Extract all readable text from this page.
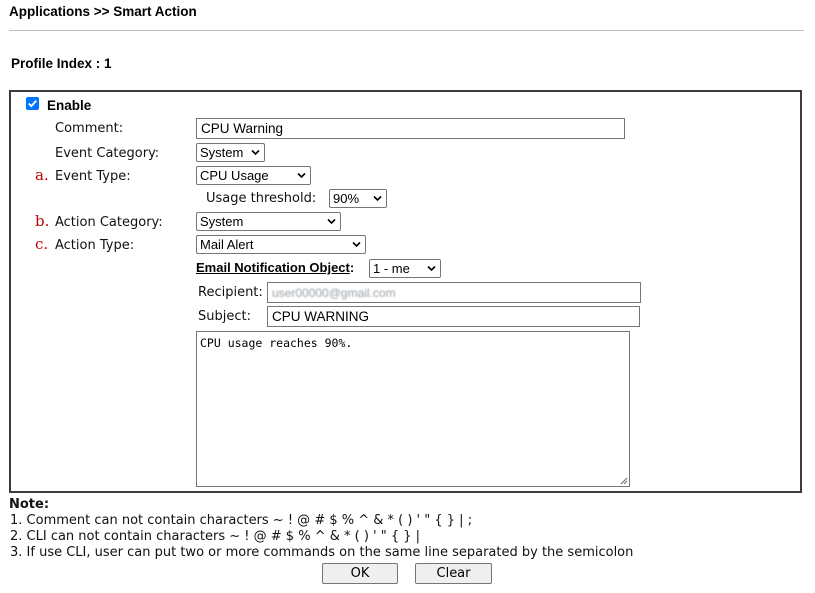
Applications >> Smart Action
Profile Index : 1
Enable
Comment:	CPU Warning
Event Category:	System
a. Event Type:	CPU Usage
Usage threshold:	90%
b. Action Category:	System
c. Action Type:	Mail Alert
Email Notification Object:	1 - me
Recipient: user00000@gmail.com
Subject:	CPU WARNING
CPU usage reaches 90%.
Note:
1. Comment can not contain characters ~ ! @ # $ % ^ & * ( ) ' " { } | ;
2. CLI can not contain characters ~ ! @ # $ % ^ & * ( ) ' " { } |
3. If use CLI, user can put two or more commands on the same line separated by the semicolon
OK	Clear
